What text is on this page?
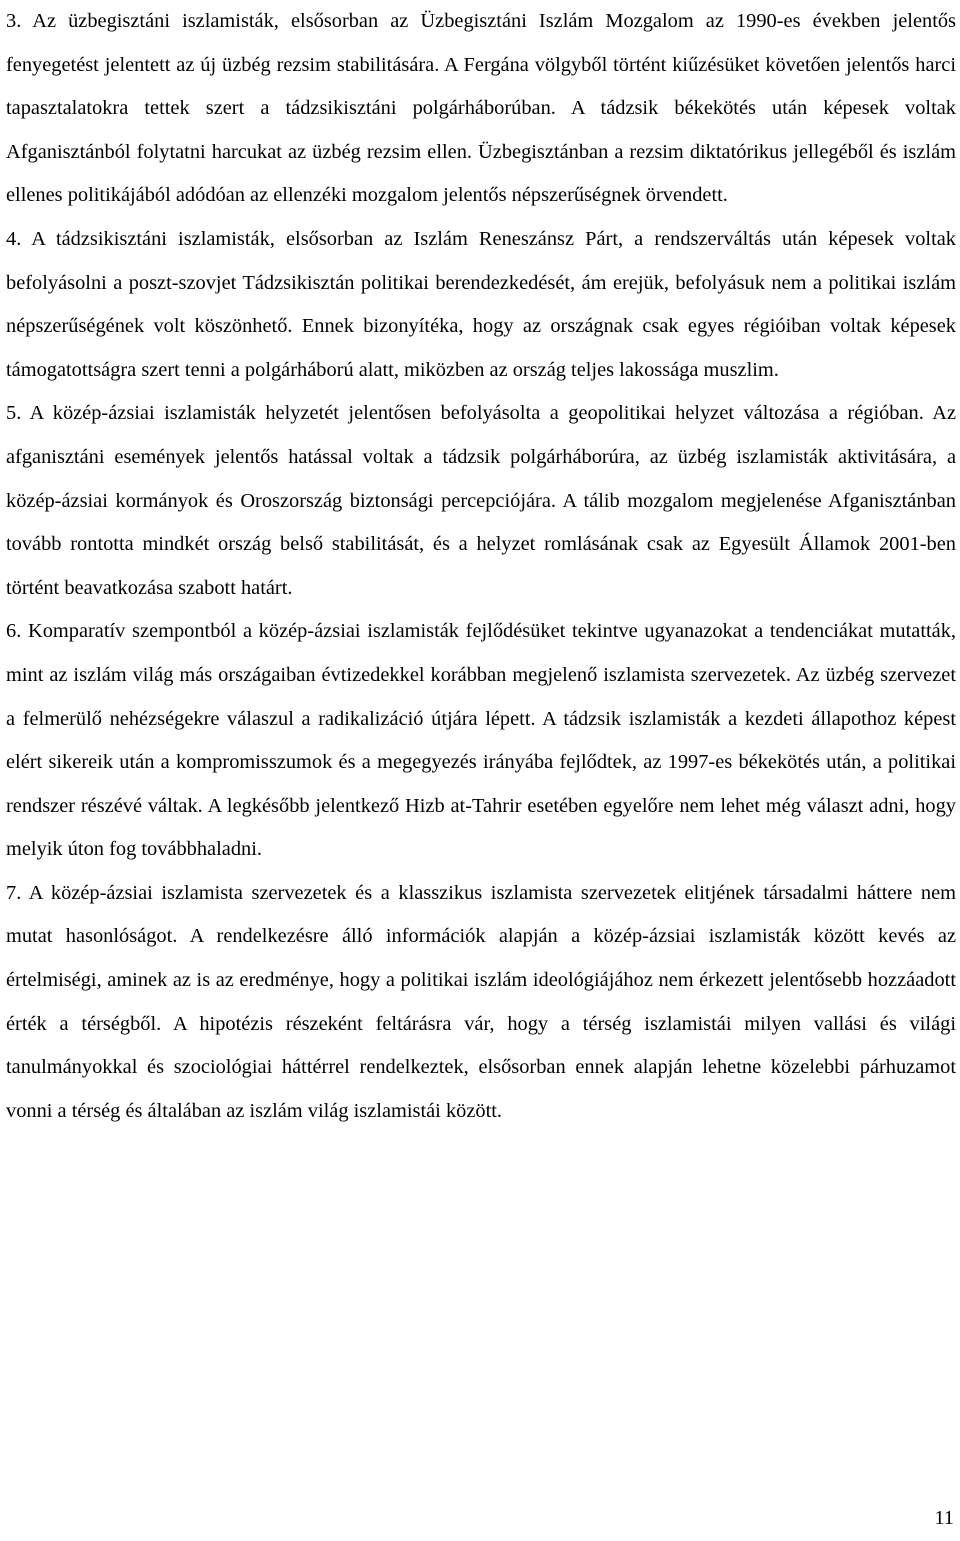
3. Az üzbegisztáni iszlamisták, elsősorban az Üzbegisztáni Iszlám Mozgalom az 1990-es években jelentős fenyegetést jelentett az új üzbég rezsim stabilitására. A Fergána völgyből történt kiűzésüket követően jelentős harci tapasztalatokra tettek szert a tádzsikisztáni polgárháborúban. A tádzsik békekötés után képesek voltak Afganisztánból folytatni harcukat az üzbég rezsim ellen. Üzbegisztánban a rezsim diktatórikus jellegéből és iszlám ellenes politikájából adódóan az ellenzéki mozgalom jelentős népszerűségnek örvendett.

4. A tádzsikisztáni iszlamisták, elsősorban az Iszlám Reneszánsz Párt, a rendszerváltás után képesek voltak befolyásolni a poszt-szovjet Tádzsikisztán politikai berendezkedését, ám erejük, befolyásuk nem a politikai iszlám népszerűségének volt köszönhető. Ennek bizonyítéka, hogy az országnak csak egyes régióiban voltak képesek támogatottságra szert tenni a polgárháború alatt, miközben az ország teljes lakossága muszlim.

5. A közép-ázsiai iszlamisták helyzetét jelentősen befolyásolta a geopolitikai helyzet változása a régióban. Az afganisztáni események jelentős hatással voltak a tádzsik polgárháborúra, az üzbég iszlamisták aktivitására, a közép-ázsiai kormányok és Oroszország biztonsági percepciójára. A tálib mozgalom megjelenése Afganisztánban tovább rontotta mindkét ország belső stabilitását, és a helyzet romlásának csak az Egyesült Államok 2001-ben történt beavatkozása szabott határt.

6. Komparatív szempontból a közép-ázsiai iszlamisták fejlődésüket tekintve ugyanazokat a tendenciákat mutatták, mint az iszlám világ más országaiban évtizedekkel korábban megjelenő iszlamista szervezetek. Az üzbég szervezet a felmerülő nehézségekre válaszul a radikalizáció útjára lépett. A tádzsik iszlamisták a kezdeti állapothoz képest elért sikereik után a kompromisszumok és a megegyezés irányába fejlődtek, az 1997-es békekötés után, a politikai rendszer részévé váltak. A legkésőbb jelentkező Hizb at-Tahrir esetében egyelőre nem lehet még választ adni, hogy melyik úton fog továbbhaladni.

7. A közép-ázsiai iszlamista szervezetek és a klasszikus iszlamista szervezetek elitjének társadalmi háttere nem mutat hasonlóságot. A rendelkezésre álló információk alapján a közép-ázsiai iszlamisták között kevés az értelmiségi, aminek az is az eredménye, hogy a politikai iszlám ideológiájához nem érkezett jelentősebb hozzáadott érték a térségből. A hipotézis részeként feltárásra vár, hogy a térség iszlamistái milyen vallási és világi tanulmányokkal és szociológiai háttérrel rendelkeztek, elsősorban ennek alapján lehetne közelebbi párhuzamot vonni a térség és általában az iszlám világ iszlamistái között.

11
